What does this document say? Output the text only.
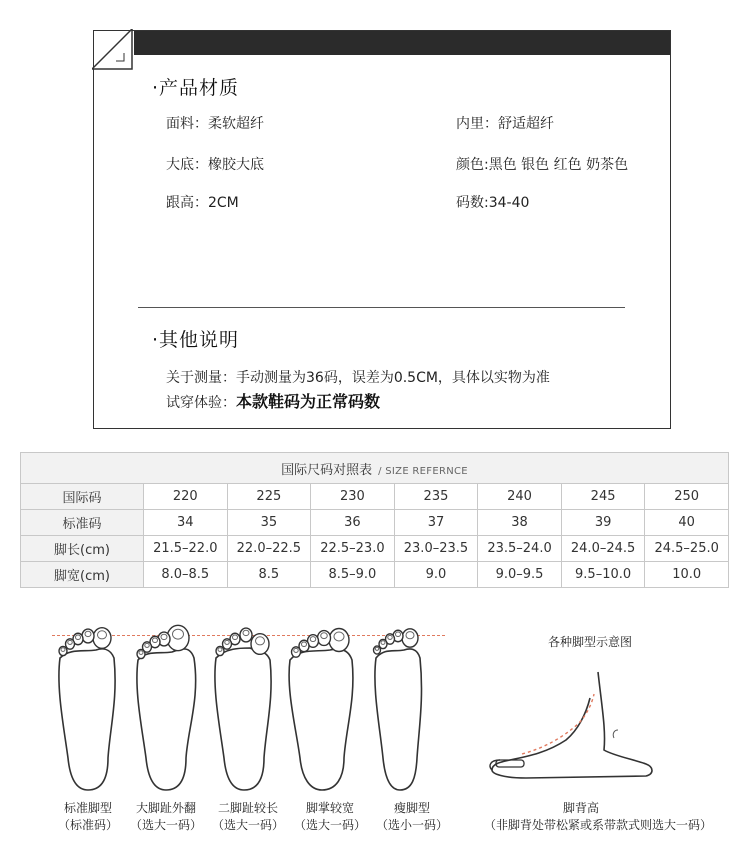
·产品材质
面料：柔软超纤	内里：舒适超纤
大底：橡胶大底	颜色:黑色 银色 红色 奶茶色
跟高：2CM	码数:34-40
·其他说明
关于测量：手动测量为36码，误差为0.5CM，具体以实物为准
试穿体验：本款鞋码为正常码数
国际尺码对照表 / SIZE REFERNCE							
国际码	220	225	230	235	240	245	250
标准码	34	35	36	37	38	39	40
脚长(cm)	21.5–22.0	22.0–22.5	22.5–23.0	23.0–23.5	23.5–24.0	24.0–24.5	24.5–25.0
脚宽(cm)	8.0–8.5	8.5	8.5–9.0	9.0	9.0–9.5	9.5–10.0	10.0
标准脚型
（标准码）
大脚趾外翻
（选大一码）
二脚趾较长
（选大一码）
脚掌较宽
（选大一码）
瘦脚型
（选小一码）
各种脚型示意图
脚背高
（非脚背处带松紧或系带款式则选大一码）
